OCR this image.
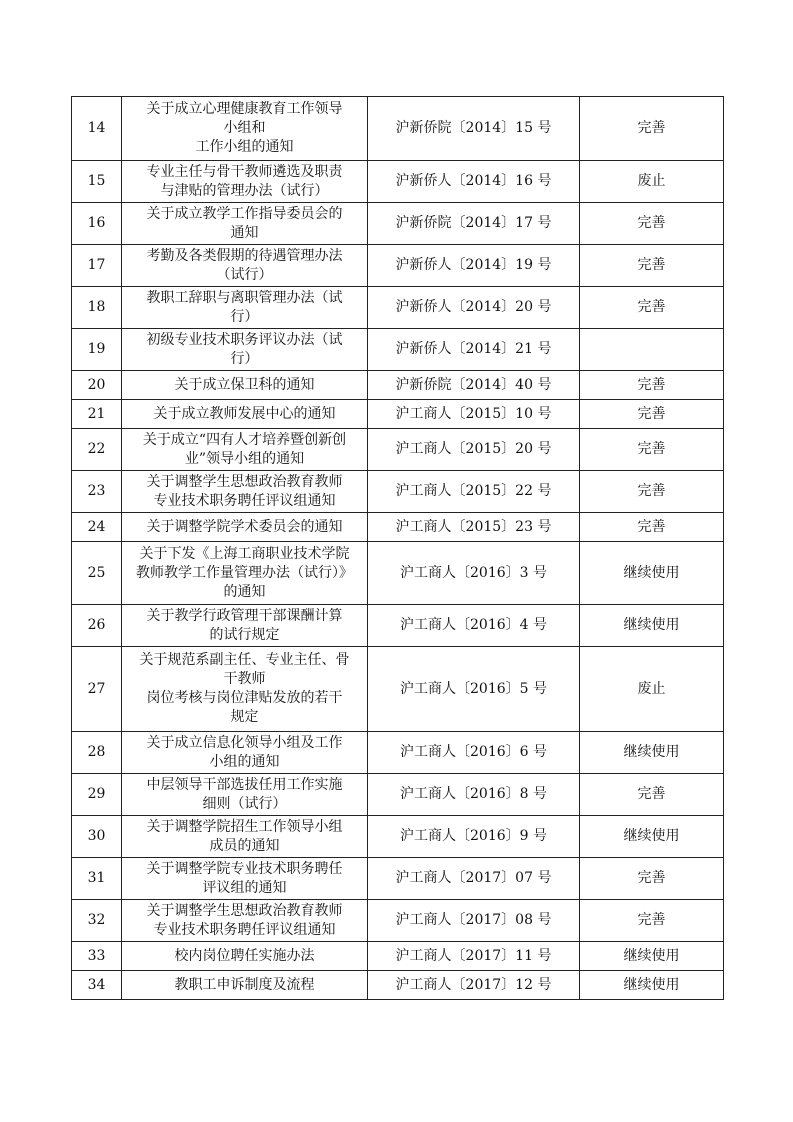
14	关于成立心理健康教育工作领导
小组和
工作小组的通知	沪新侨院〔2014〕15 号	完善
15	专业主任与骨干教师遴选及职责
与津贴的管理办法（试行）	沪新侨人〔2014〕16 号	废止
16	关于成立教学工作指导委员会的
通知	沪新侨院〔2014〕17 号	完善
17	考勤及各类假期的待遇管理办法
（试行）	沪新侨人〔2014〕19 号	完善
18	教职工辞职与离职管理办法（试
行）	沪新侨人〔2014〕20 号	完善
19	初级专业技术职务评议办法（试
行）	沪新侨人〔2014〕21 号	
20	关于成立保卫科的通知	沪新侨院〔2014〕40 号	完善
21	关于成立教师发展中心的通知	沪工商人〔2015〕10 号	完善
22	关于成立“四有人才培养暨创新创
业”领导小组的通知	沪工商人〔2015〕20 号	完善
23	关于调整学生思想政治教育教师
专业技术职务聘任评议组通知	沪工商人〔2015〕22 号	完善
24	关于调整学院学术委员会的通知	沪工商人〔2015〕23 号	完善
25	关于下发《上海工商职业技术学院
教师教学工作量管理办法（试行）》
的通知	沪工商人〔2016〕3 号	继续使用
26	关于教学行政管理干部课酬计算
的试行规定	沪工商人〔2016〕4 号	继续使用
27	关于规范系副主任、专业主任、骨
干教师
岗位考核与岗位津贴发放的若干
规定	沪工商人〔2016〕5 号	废止
28	关于成立信息化领导小组及工作
小组的通知	沪工商人〔2016〕6 号	继续使用
29	中层领导干部选拔任用工作实施
细则（试行）	沪工商人〔2016〕8 号	完善
30	关于调整学院招生工作领导小组
成员的通知	沪工商人〔2016〕9 号	继续使用
31	关于调整学院专业技术职务聘任
评议组的通知	沪工商人〔2017〕07 号	完善
32	关于调整学生思想政治教育教师
专业技术职务聘任评议组通知	沪工商人〔2017〕08 号	完善
33	校内岗位聘任实施办法	沪工商人〔2017〕11 号	继续使用
34	教职工申诉制度及流程	沪工商人〔2017〕12 号	继续使用
